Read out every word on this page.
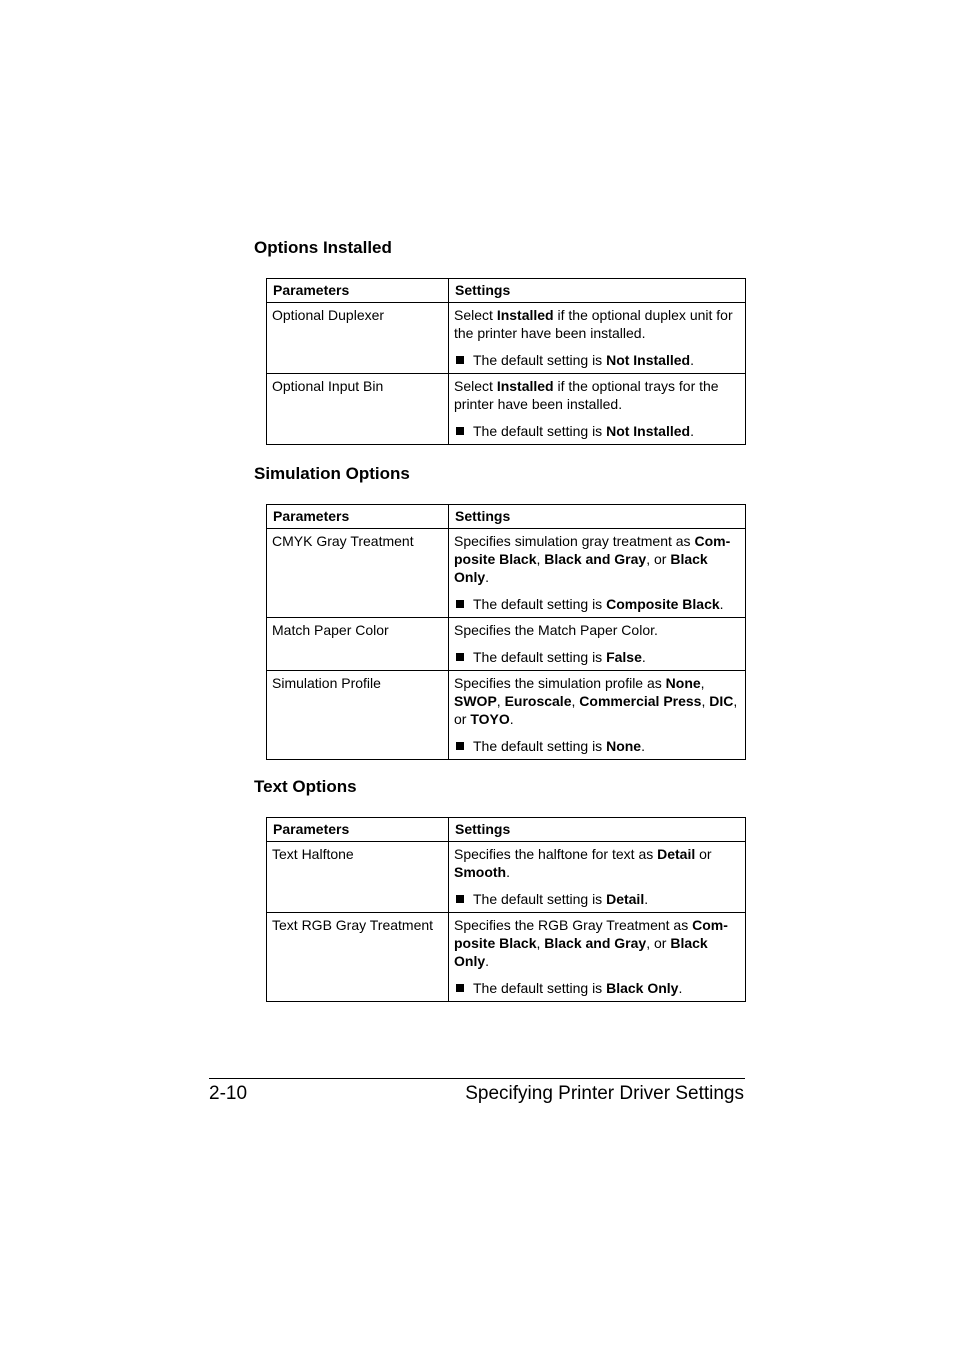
Options Installed
Parameters	Settings
Optional Duplexer	Select Installed if the optional duplex unit for the printer have been installed.

The default setting is Not Installed.

Optional Input Bin	Select Installed if the optional trays for the printer have been installed.

The default setting is Not Installed.

Simulation Options
Parameters	Settings
CMYK Gray Treatment	Specifies simulation gray treatment as Com-posite Black, Black and Gray, or Black Only.

The default setting is Composite Black.

Match Paper Color	Specifies the Match Paper Color.

The default setting is False.

Simulation Profile	Specifies the simulation profile as None, SWOP, Euroscale, Commercial Press, DIC, or TOYO.

The default setting is None.

Text Options
Parameters	Settings
Text Halftone	Specifies the halftone for text as Detail or Smooth.

The default setting is Detail.

Text RGB Gray Treatment	Specifies the RGB Gray Treatment as Com-posite Black, Black and Gray, or Black Only.

The default setting is Black Only.

2-10	Specifying Printer Driver Settings
